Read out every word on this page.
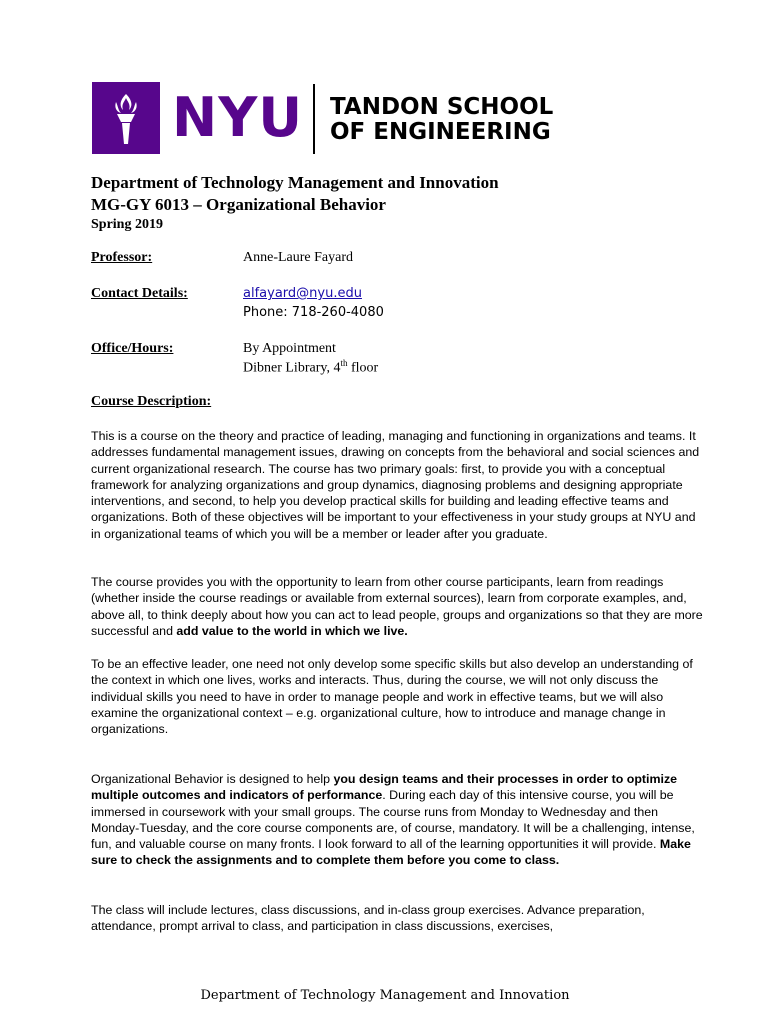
NYU TANDON SCHOOL
OF ENGINEERING
Department of Technology Management and Innovation
MG-GY 6013 – Organizational Behavior
Spring 2019
Professor:	Anne-Laure Fayard
Contact Details:	alfayard@nyu.edu
Phone: 718-260-4080
Office/Hours:	By Appointment
Dibner Library, 4th floor
Course Description:
This is a course on the theory and practice of leading, managing and functioning in organizations and teams. It addresses fundamental management issues, drawing on concepts from the behavioral and social sciences and current organizational research. The course has two primary goals: first, to provide you with a conceptual framework for analyzing organizations and group dynamics, diagnosing problems and designing appropriate interventions, and second, to help you develop practical skills for building and leading effective teams and organizations. Both of these objectives will be important to your effectiveness in your study groups at NYU and in organizational teams of which you will be a member or leader after you graduate.
The course provides you with the opportunity to learn from other course participants, learn from readings (whether inside the course readings or available from external sources), learn from corporate examples, and, above all, to think deeply about how you can act to lead people, groups and organizations so that they are more successful and add value to the world in which we live.
To be an effective leader, one need not only develop some specific skills but also develop an understanding of the context in which one lives, works and interacts. Thus, during the course, we will not only discuss the individual skills you need to have in order to manage people and work in effective teams, but we will also examine the organizational context – e.g. organizational culture, how to introduce and manage change in organizations.
Organizational Behavior is designed to help you design teams and their processes in order to optimize multiple outcomes and indicators of performance. During each day of this intensive course, you will be immersed in coursework with your small groups. The course runs from Monday to Wednesday and then Monday-Tuesday, and the core course components are, of course, mandatory. It will be a challenging, intense, fun, and valuable course on many fronts. I look forward to all of the learning opportunities it will provide. Make sure to check the assignments and to complete them before you come to class.
The class will include lectures, class discussions, and in-class group exercises. Advance preparation, attendance, prompt arrival to class, and participation in class discussions, exercises,
Department of Technology Management and Innovation
